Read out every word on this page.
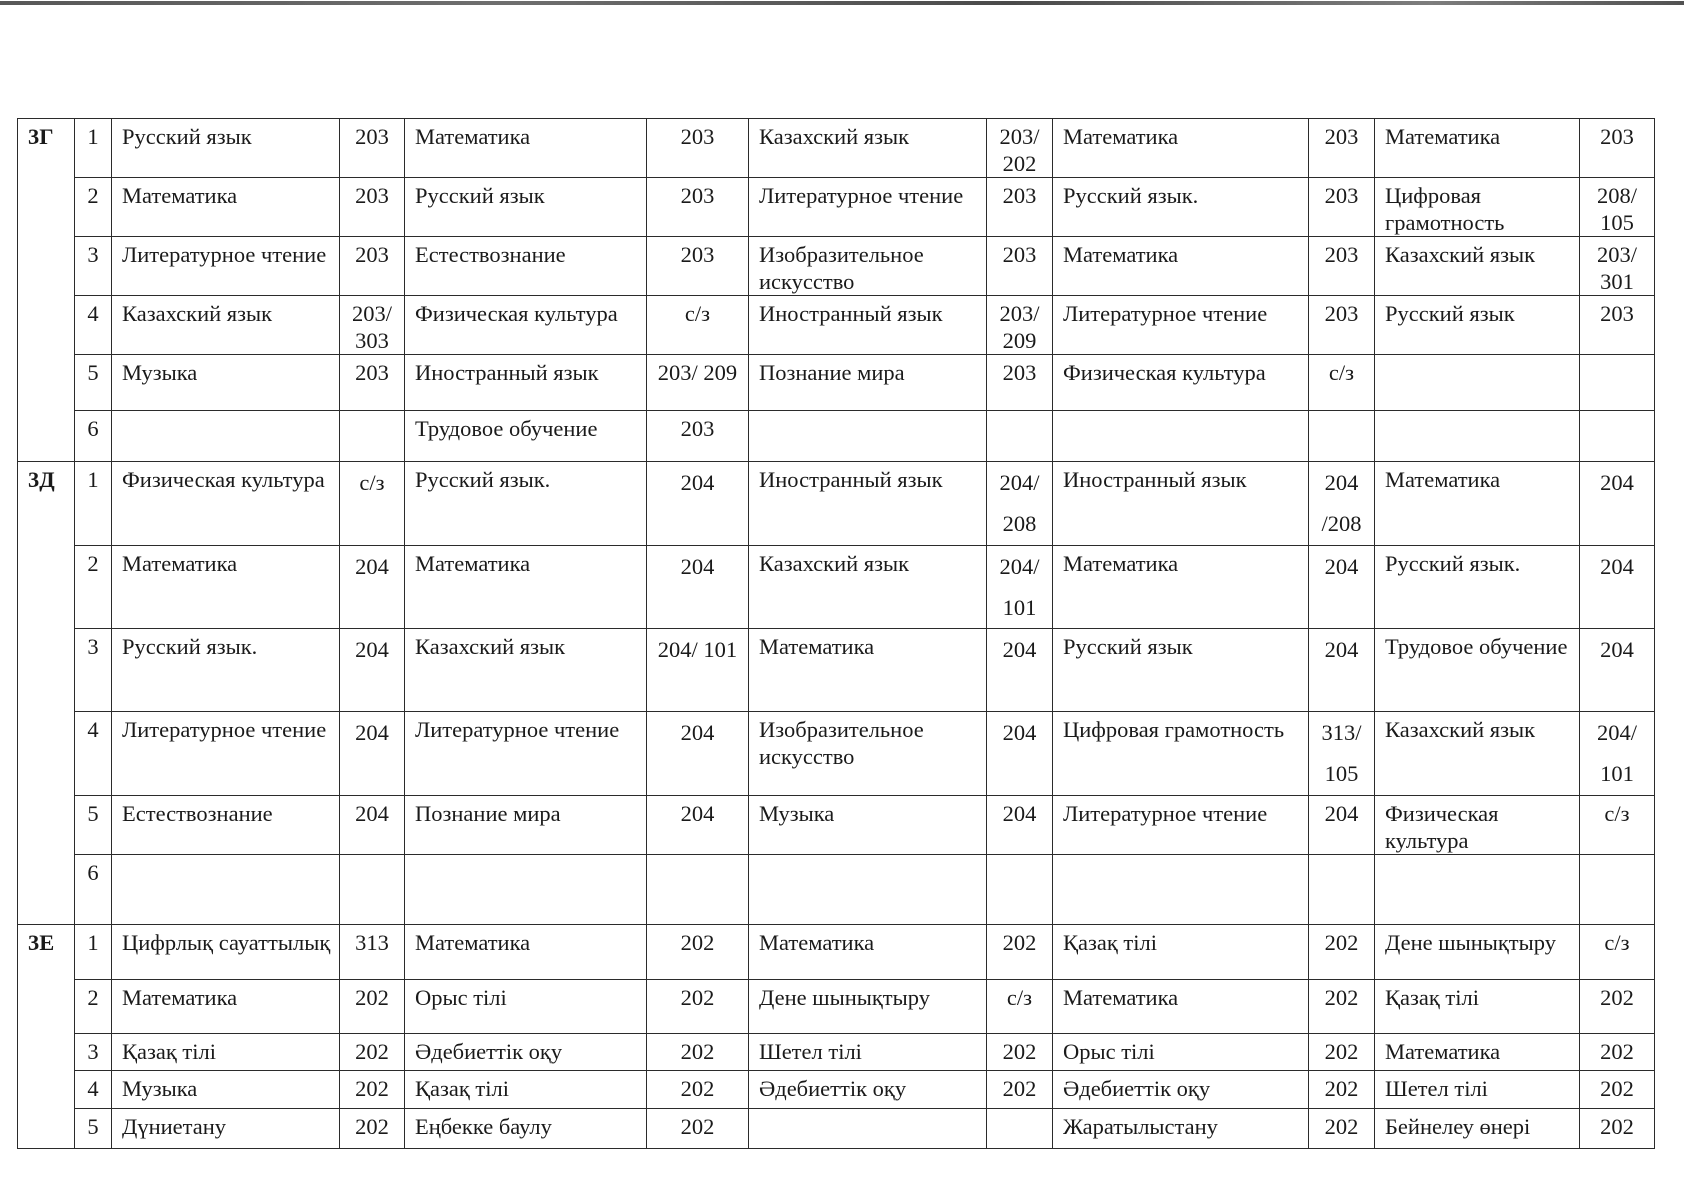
3Г	1	Русский язык	203	Математика	203	Казахский язык	203/ 202	Математика	203	Математика	203

	2	Математика	203	Русский язык	203	Литературное чтение	203	Русский язык.	203	Цифровая грамотность	208/ 105

	3	Литературное чтение	203	Естествознание	203	Изобразительное искусство	203	Математика	203	Казахский язык	203/ 301

	4	Казахский язык	203/ 303	Физическая культура	с/з	Иностранный язык	203/ 209	Литературное чтение	203	Русский язык	203

	5	Музыка	203	Иностранный язык	203/ 209	Познание мира	203	Физическая культура	с/з		

	6			Трудовое обучение	203						

3Д	1	Физическая культура	с/з	Русский язык.	204	Иностранный язык	204/ 208	Иностранный язык	204 /208	Математика	204

	2	Математика	204	Математика	204	Казахский язык	204/ 101	Математика	204	Русский язык.	204

	3	Русский язык.	204	Казахский язык	204/ 101	Математика	204	Русский язык	204	Трудовое обучение	204

	4	Литературное чтение	204	Литературное чтение	204	Изобразительное искусство	204	Цифровая грамотность	313/ 105	Казахский язык	204/ 101

	5	Естествознание	204	Познание мира	204	Музыка	204	Литературное чтение	204	Физическая культура	с/з

	6										

3Е	1	Цифрлық сауаттылық	313	Математика	202	Математика	202	Қазақ тілі	202	Дене шынықтыру	с/з

	2	Математика	202	Орыс тілі	202	Дене шынықтыру	с/з	Математика	202	Қазақ тілі	202

	3	Қазақ тілі	202	Әдебиеттік оқу	202	Шетел тілі	202	Орыс тілі	202	Математика	202

	4	Музыка	202	Қазақ тілі	202	Әдебиеттік оқу	202	Әдебиеттік оқу	202	Шетел тілі	202

	5	Дүниетану	202	Еңбекке баулу	202			Жаратылыстану	202	Бейнелеу өнері	202
